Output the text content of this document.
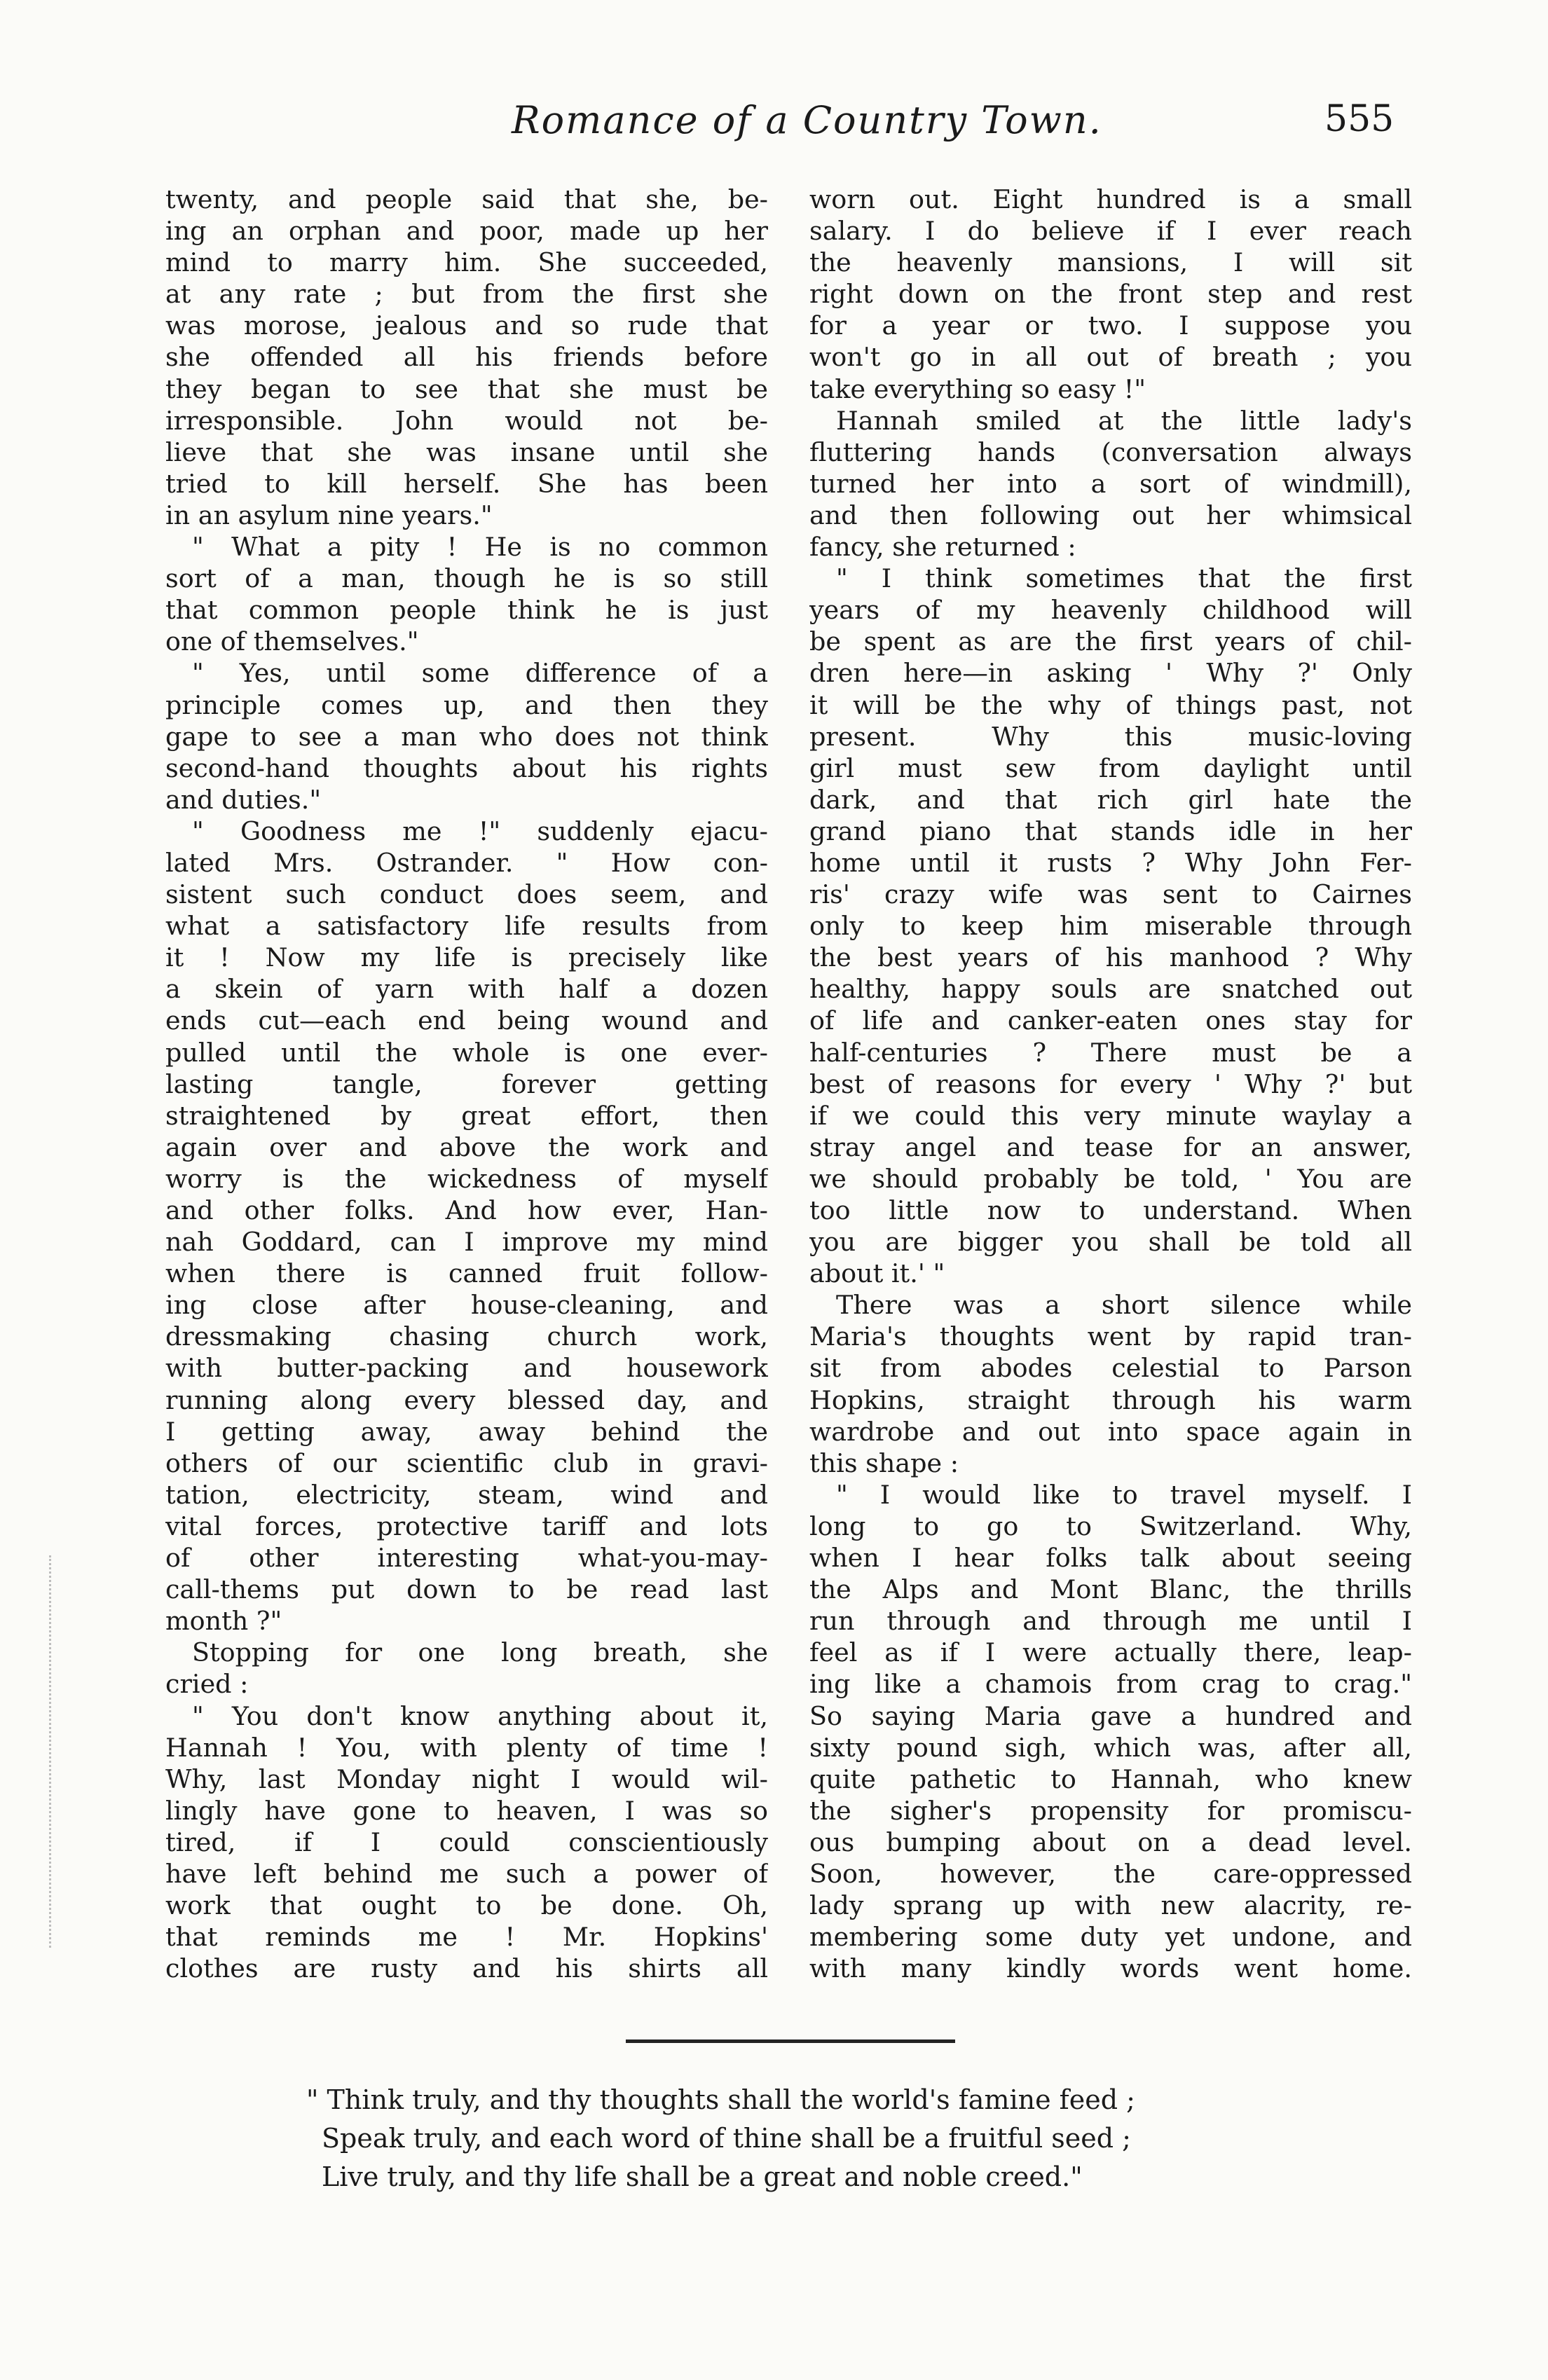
Romance of a Country Town.	555
twenty, and people said that she, be-
ing an orphan and poor, made up her
mind to marry him. She succeeded,
at any rate ; but from the first she
was morose, jealous and so rude that
she offended all his friends before
they began to see that she must be
irresponsible. John would not be-
lieve that she was insane until she
tried to kill herself. She has been
in an asylum nine years."
" What a pity ! He is no common
sort of a man, though he is so still
that common people think he is just
one of themselves."
" Yes, until some difference of a
principle comes up, and then they
gape to see a man who does not think
second-hand thoughts about his rights
and duties."
" Goodness me !" suddenly ejacu-
lated Mrs. Ostrander. " How con-
sistent such conduct does seem, and
what a satisfactory life results from
it ! Now my life is precisely like
a skein of yarn with half a dozen
ends cut—each end being wound and
pulled until the whole is one ever-
lasting tangle, forever getting
straightened by great effort, then
again over and above the work and
worry is the wickedness of myself
and other folks. And how ever, Han-
nah Goddard, can I improve my mind
when there is canned fruit follow-
ing close after house-cleaning, and
dressmaking chasing church work,
with butter-packing and housework
running along every blessed day, and
I getting away, away behind the
others of our scientific club in gravi-
tation, electricity, steam, wind and
vital forces, protective tariff and lots
of other interesting what-you-may-
call-thems put down to be read last
month ?"
Stopping for one long breath, she
cried :
" You don't know anything about it,
Hannah ! You, with plenty of time !
Why, last Monday night I would wil-
lingly have gone to heaven, I was so
tired, if I could conscientiously
have left behind me such a power of
work that ought to be done. Oh,
that reminds me ! Mr. Hopkins'
clothes are rusty and his shirts all
worn out. Eight hundred is a small
salary. I do believe if I ever reach
the heavenly mansions, I will sit
right down on the front step and rest
for a year or two. I suppose you
won't go in all out of breath ; you
take everything so easy !"
Hannah smiled at the little lady's
fluttering hands (conversation always
turned her into a sort of windmill),
and then following out her whimsical
fancy, she returned :
" I think sometimes that the first
years of my heavenly childhood will
be spent as are the first years of chil-
dren here—in asking ' Why ?' Only
it will be the why of things past, not
present. Why this music-loving
girl must sew from daylight until
dark, and that rich girl hate the
grand piano that stands idle in her
home until it rusts ? Why John Fer-
ris' crazy wife was sent to Cairnes
only to keep him miserable through
the best years of his manhood ? Why
healthy, happy souls are snatched out
of life and canker-eaten ones stay for
half-centuries ? There must be a
best of reasons for every ' Why ?' but
if we could this very minute waylay a
stray angel and tease for an answer,
we should probably be told, ' You are
too little now to understand. When
you are bigger you shall be told all
about it.' "
There was a short silence while
Maria's thoughts went by rapid tran-
sit from abodes celestial to Parson
Hopkins, straight through his warm
wardrobe and out into space again in
this shape :
" I would like to travel myself. I
long to go to Switzerland. Why,
when I hear folks talk about seeing
the Alps and Mont Blanc, the thrills
run through and through me until I
feel as if I were actually there, leap-
ing like a chamois from crag to crag."
So saying Maria gave a hundred and
sixty pound sigh, which was, after all,
quite pathetic to Hannah, who knew
the sigher's propensity for promiscu-
ous bumping about on a dead level.
Soon, however, the care-oppressed
lady sprang up with new alacrity, re-
membering some duty yet undone, and
with many kindly words went home.
" Think truly, and thy thoughts shall the world's famine feed ;
Speak truly, and each word of thine shall be a fruitful seed ;
Live truly, and thy life shall be a great and noble creed."
